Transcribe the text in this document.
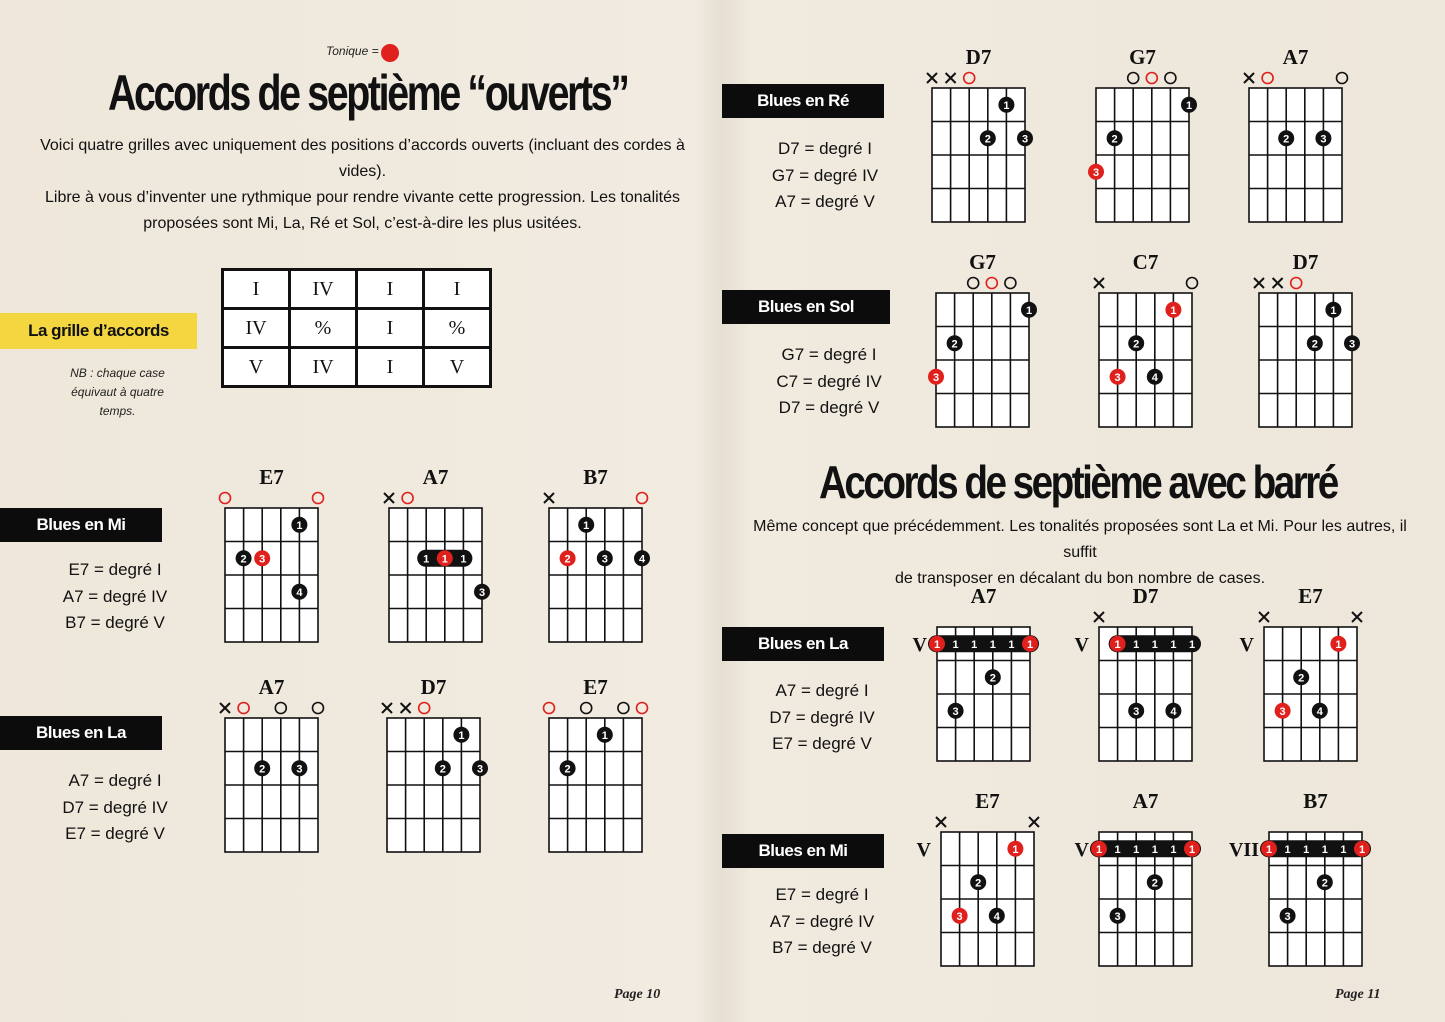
Tonique =
Accords de septième “ouverts”
Voici quatre grilles avec uniquement des positions d’accords ouverts (incluant des cordes à vides).
Libre à vous d’inventer une rythmique pour rendre vivante cette progression. Les tonalités
proposées sont Mi, La, Ré et Sol, c’est-à-dire les plus usitées.
La grille d’accords
NB : chaque case
équivaut à quatre
temps.
I	IV	I	I
IV	%	I	%
V	IV	I	V
Blues en Mi
E7 = degré I
A7 = degré IV
B7 = degré V
Blues en La
A7 = degré I
D7 = degré IV
E7 = degré V
Page 10
Blues en Ré
D7 = degré I
G7 = degré IV
A7 = degré V
Blues en Sol
G7 = degré I
C7 = degré IV
D7 = degré V
Accords de septième avec barré
Même concept que précédemment. Les tonalités proposées sont La et Mi. Pour les autres, il suffit
de transposer en décalant du bon nombre de cases.
Blues en La
A7 = degré I
D7 = degré IV
E7 = degré V
Blues en Mi
E7 = degré I
A7 = degré IV
B7 = degré V
Page 11
E7
1
2 3
4
A7
1 1 1
3
B7
1
2	3	4
A7
2	3
D7
1
2	3
E7
1
2
D7
1
2	3
G7
1
2
3
A7
2	3
G7
1
2
3
C7
1
2
3	4
D7
1
2	3
A7
V 1 1 1 1 1 1
2
3
D7
V 1 1 1 1 1
3	4
E7
V	1
2
3	4
E7
V	1
2
3	4
A7
V 1 1 1 1 1 1
2
3
B7
VII 1 1 1 1 1 1
2
3
